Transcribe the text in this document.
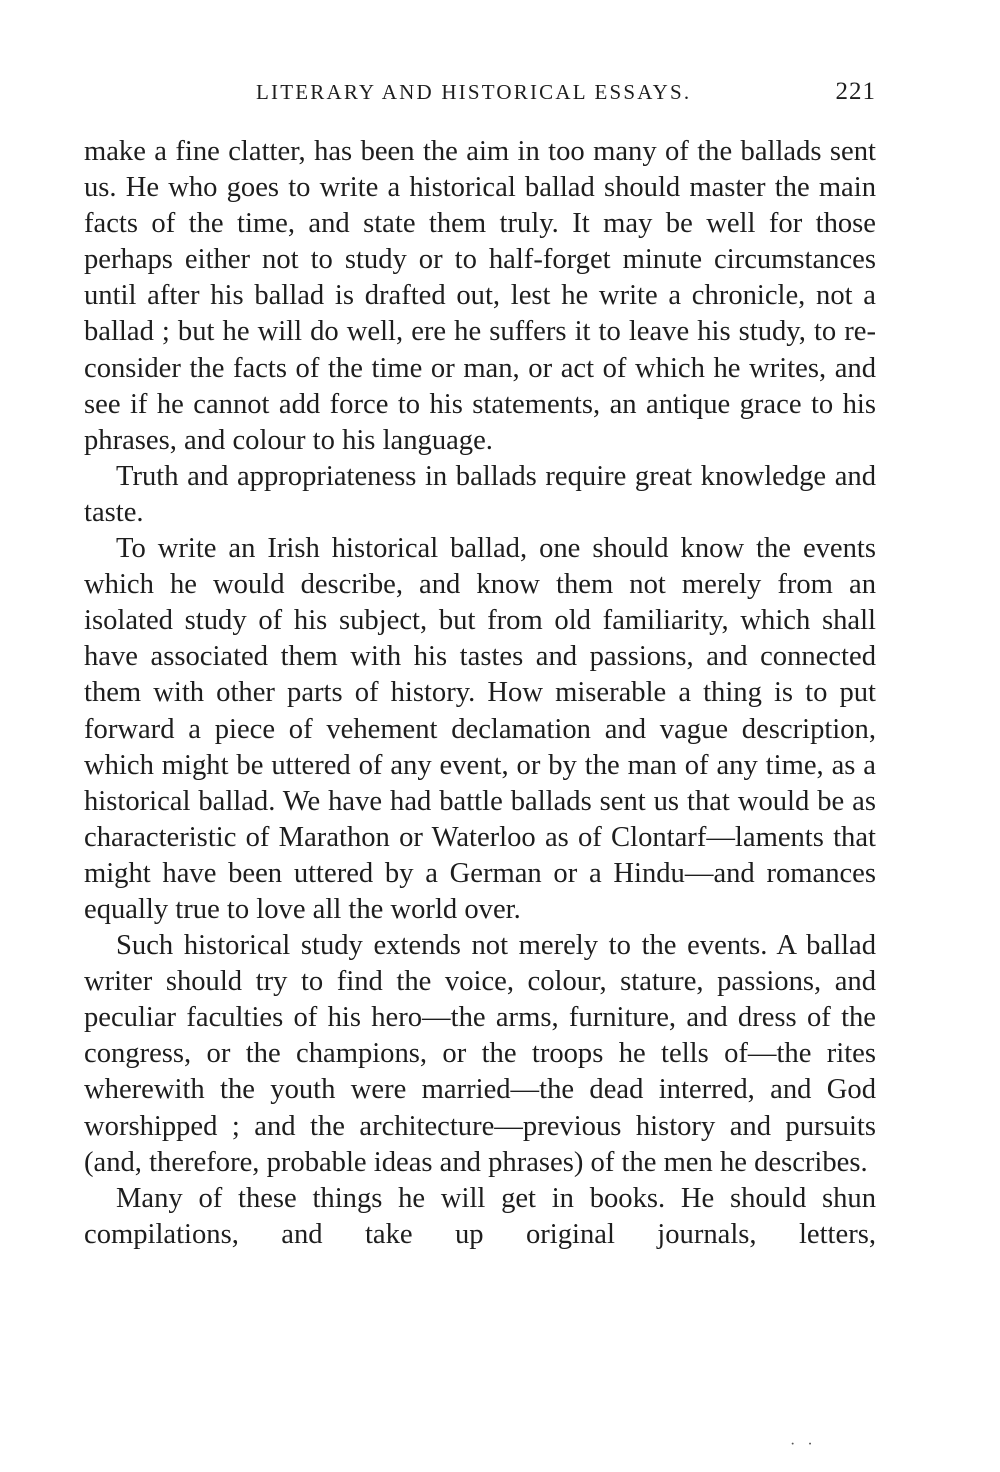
LITERARY AND HISTORICAL ESSAYS.	221

make a fine clatter, has been the aim in too many of the ballads sent us. He who goes to write a historical ballad should master the main facts of the time, and state them truly. It may be well for those perhaps either not to study or to half-forget minute circumstances until after his ballad is drafted out, lest he write a chronicle, not a ballad ; but he will do well, ere he suffers it to leave his study, to re-consider the facts of the time or man, or act of which he writes, and see if he cannot add force to his statements, an antique grace to his phrases, and colour to his language.

Truth and appropriateness in ballads require great knowledge and taste.

To write an Irish historical ballad, one should know the events which he would describe, and know them not merely from an isolated study of his subject, but from old familiarity, which shall have associated them with his tastes and passions, and connected them with other parts of history. How miserable a thing is to put forward a piece of vehement declamation and vague description, which might be uttered of any event, or by the man of any time, as a historical ballad. We have had battle ballads sent us that would be as characteristic of Marathon or Waterloo as of Clontarf—laments that might have been uttered by a German or a Hindu—and romances equally true to love all the world over.

Such historical study extends not merely to the events. A ballad writer should try to find the voice, colour, stature, passions, and peculiar faculties of his hero—the arms, furniture, and dress of the congress, or the champions, or the troops he tells of—the rites wherewith the youth were married—the dead interred, and God worshipped ; and the architecture—previous history and pursuits (and, therefore, probable ideas and phrases) of the men he describes.

Many of these things he will get in books. He should shun compilations, and take up original journals, letters,

· ·
